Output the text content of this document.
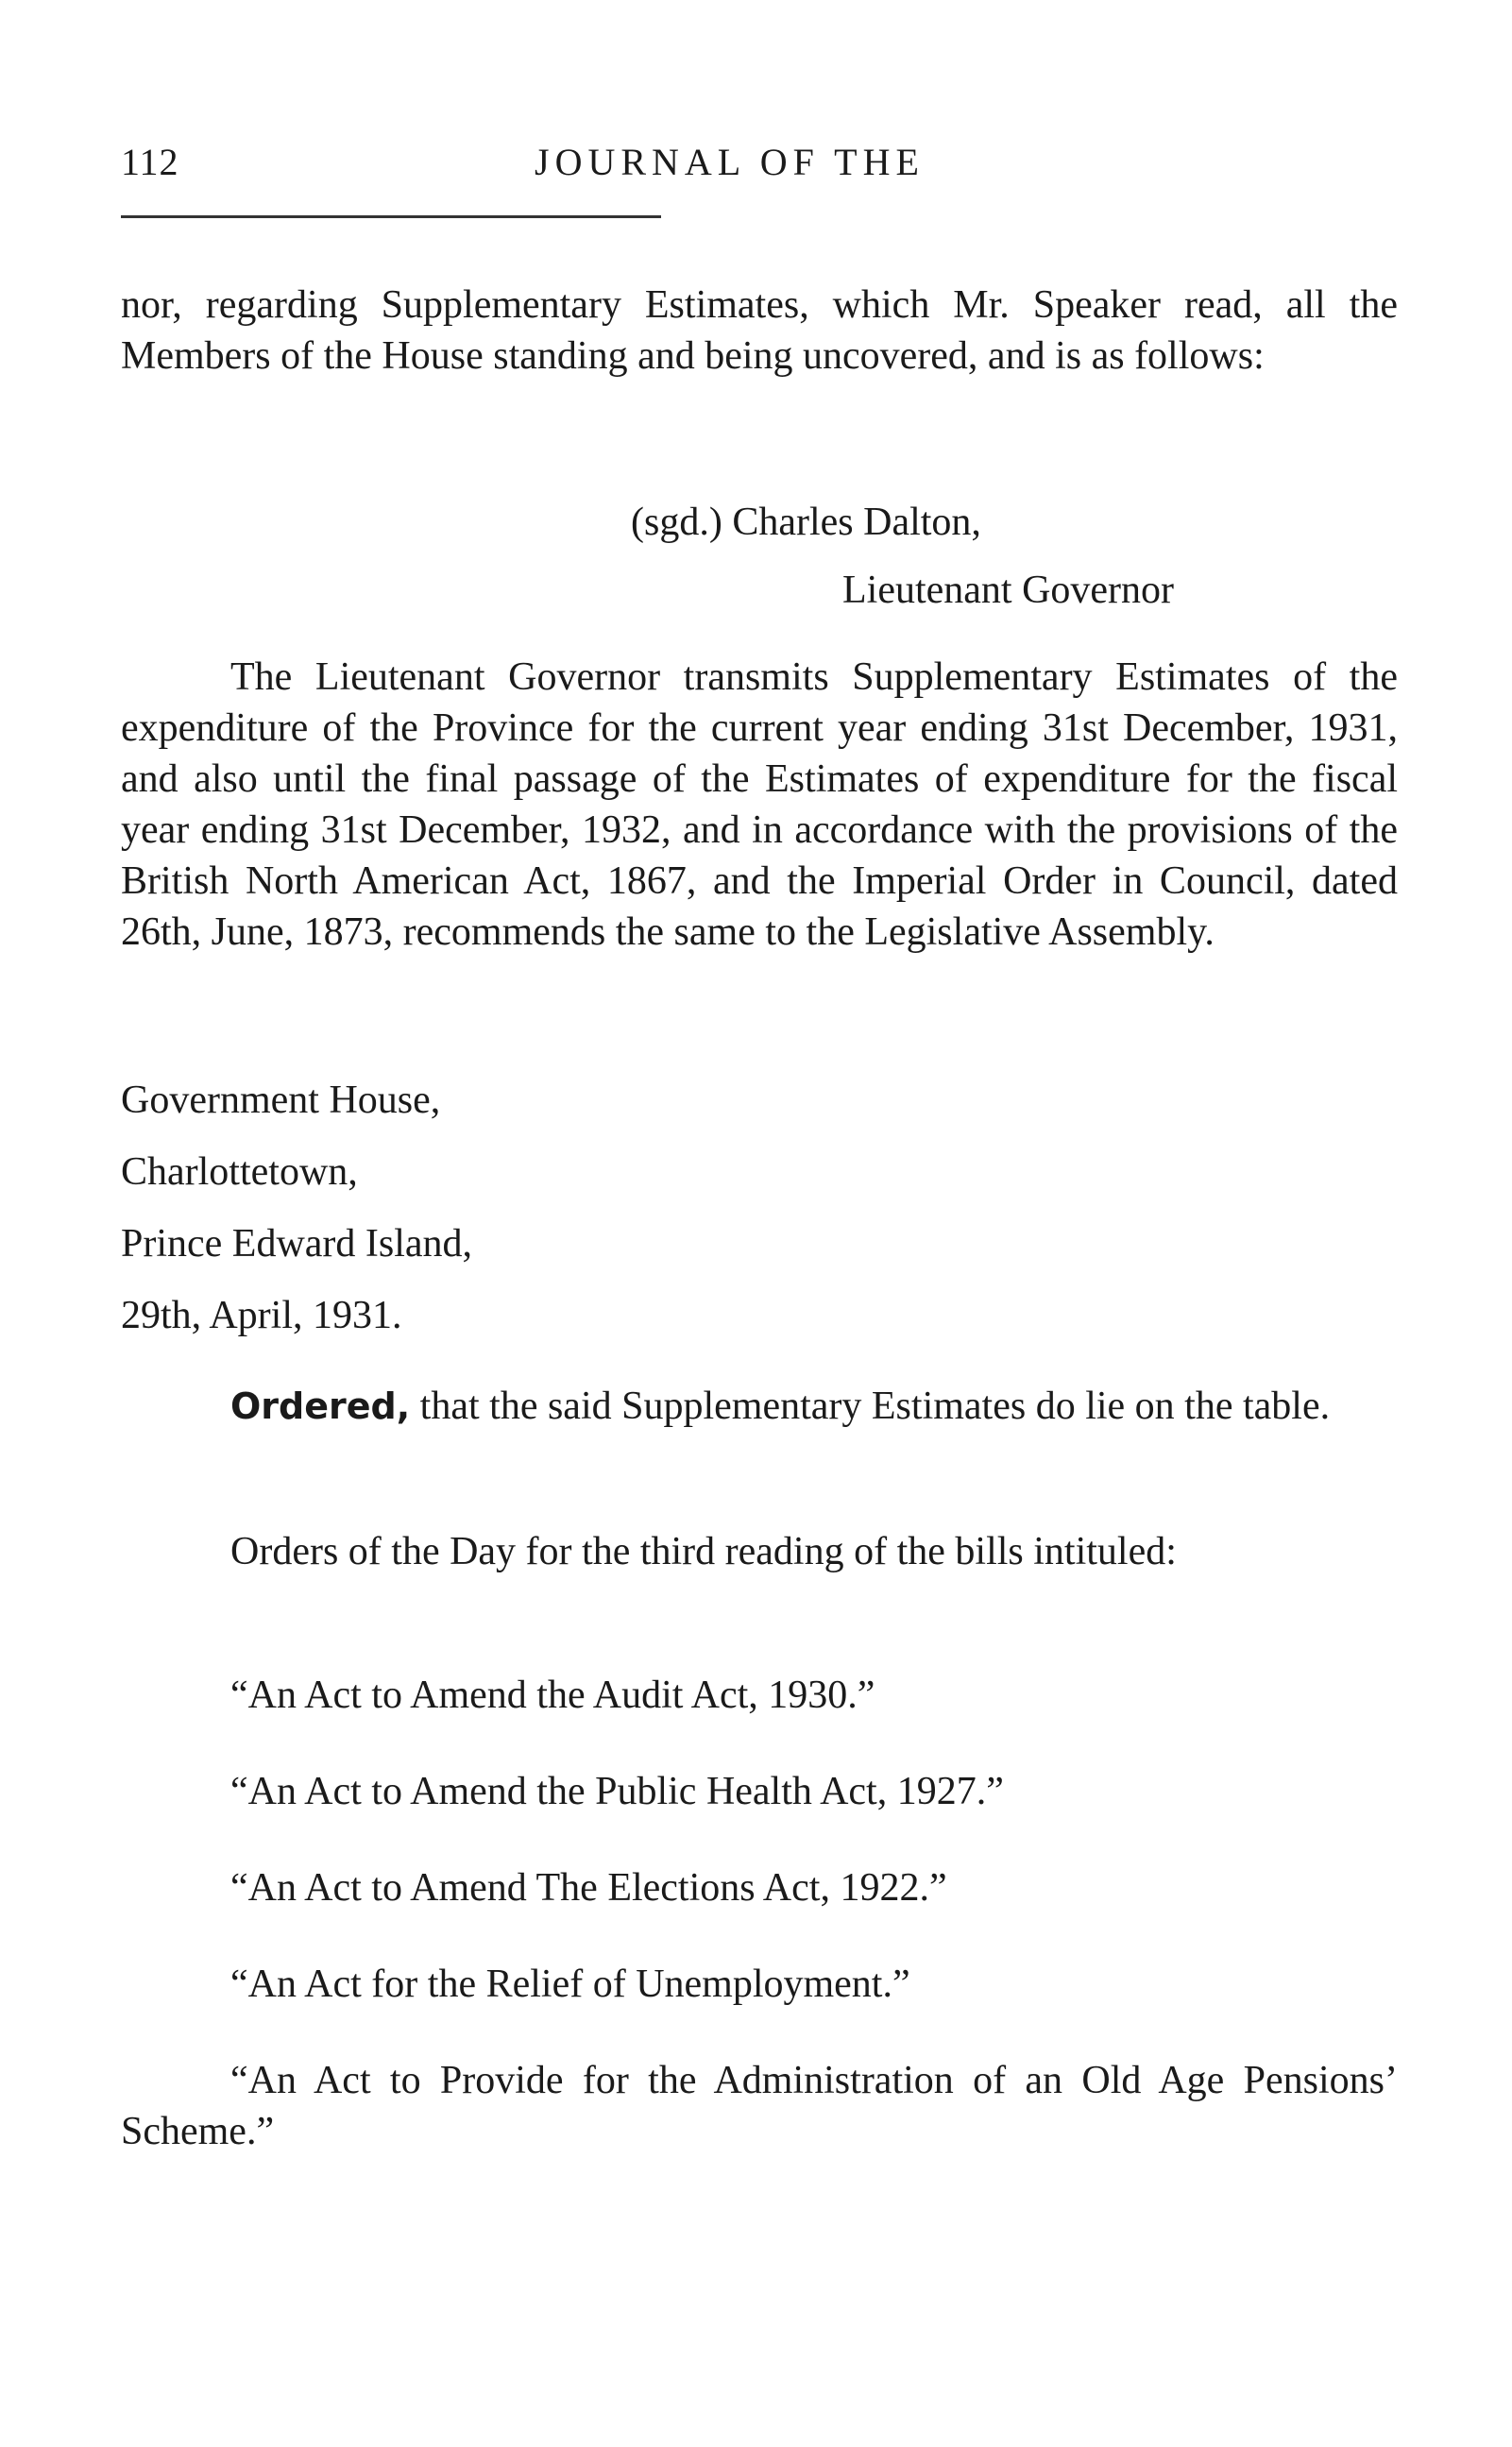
112	JOURNAL OF THE

nor, regarding Supplementary Estimates, which Mr. Speaker read, all the Members of the House standing and being uncovered, and is as follows:

(sgd.) Charles Dalton,
Lieutenant Governor

The Lieutenant Governor transmits Supplementary Estimates of the expenditure of the Province for the current year ending 31st December, 1931, and also until the final passage of the Estimates of expenditure for the fiscal year ending 31st December, 1932, and in accordance with the provisions of the British North American Act, 1867, and the Imperial Order in Council, dated 26th, June, 1873, recommends the same to the Legislative Assembly.

Government House,
Charlottetown,
Prince Edward Island,
29th, April, 1931.

Ordered, that the said Supplementary Estimates do lie on the table.

Orders of the Day for the third reading of the bills intituled:

“An Act to Amend the Audit Act, 1930.”
“An Act to Amend the Public Health Act, 1927.”
“An Act to Amend The Elections Act, 1922.”
“An Act for the Relief of Unemployment.”

“An Act to Provide for the Administration of an Old Age Pensions’ Scheme.”
